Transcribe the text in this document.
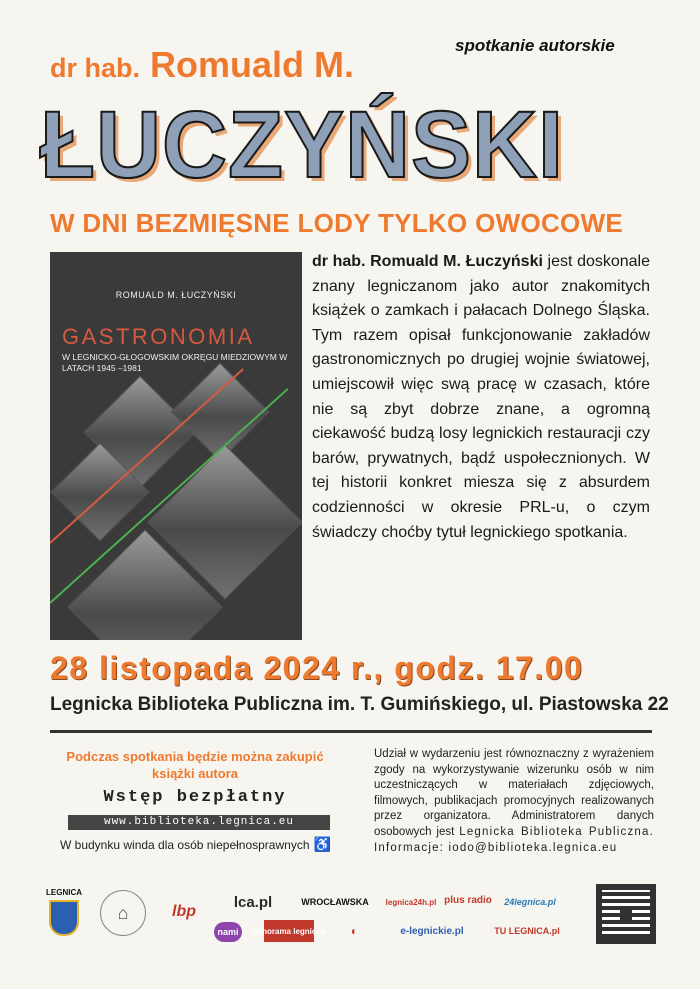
spotkanie autorskie
dr hab. Romuald M.
ŁUCZYŃSKI
W DNI BEZMIĘSNE LODY TYLKO OWOCOWE
ROMUALD M. ŁUCZYŃSKI
GASTRONOMIA
W LEGNICKO-GŁOGOWSKIM OKRĘGU MIEDZIOWYM W LATACH 1945 –1981
dr hab. Romuald M. Łuczyński jest doskonale znany legniczanom jako autor znakomitych książek o zamkach i pałacach Dolnego Śląska. Tym razem opisał funkcjonowanie zakładów gastronomicznych po drugiej wojnie światowej, umiejscowił więc swą pracę w czasach, które nie są zbyt dobrze znane, a ogromną ciekawość budzą losy legnickich restauracji czy barów, prywatnych, bądź uspołecznionych. W tej historii konkret miesza się z absurdem codzienności w okresie PRL-u, o czym świadczy choćby tytuł legnickiego spotkania.
28 listopada 2024 r., godz. 17.00
Legnicka Biblioteka Publiczna im. T. Gumińskiego, ul. Piastowska 22
Podczas spotkania będzie można zakupić książki autora
Wstęp bezpłatny
www.biblioteka.legnica.eu
W budynku winda dla osób niepełnosprawnych ♿
Udział w wydarzeniu jest równoznaczny z wyrażeniem zgody na wykorzystywanie wizerunku osób w nim uczestniczących w materiałach zdjęciowych, filmowych, publikacjach promocyjnych realizowanych przez organizatora. Administratorem danych osobowych jest Legnicka Biblioteka Publiczna. Informacje: iodo@biblioteka.legnica.eu
LEGNICA
⌂	lbp
lca.pl	WROCŁAWSKA	legnica24h.pl plus radio	24legnica.pl
nami	panorama legnicka ◖	e-legnickie.pl	TU LEGNICA.pl
